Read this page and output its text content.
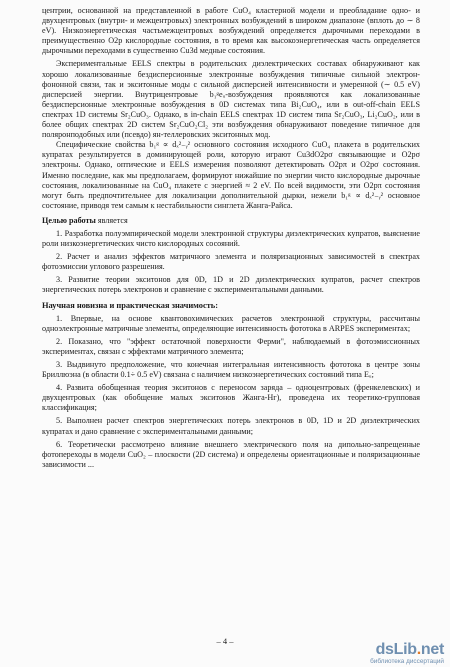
центрии, основанной на представленной в работе CuO₄ кластерной модели и преобладание одно- и двухцентровых (внутри- и межцентровых) электронных возбуждений в широком диапазоне (вплоть до ∼ 8 eV). Низкоэнергетическая частьмежцентровых возбуждений определяется дырочными переходами в преимущественно O2p кислородные состояния, в то время как высокоэнергетическая часть определяется дырочными переходами в существенно Cu3d медные состояния.

Экспериментальные EELS спектры в родительских диэлектрических составах обнаруживают как хорошо локализованные бездисперсионные электронные возбуждения типичные сильной электрон-фононной связи, так и экситонные моды с сильной дисперсией интенсивности и умеренной (∼ 0.5 eV) дисперсией энергии. Внутрицентровые b₁ᵍeᵤ-возбуждения проявляются как локализованные бездисперсионные электронные возбуждения в 0D системах типа Bi₂CuO₄, или в out-off-chain EELS спектрах 1D системы Sr₂CuO₃. Однако, в in-chain EELS спектрах 1D систем типа Sr₂CuO₃, Li₂CuO₂, или в более общих спектрах 2D систем Sr₂CuO₂Cl₂ эти возбуждения обнаруживают поведение типичное для поляронподобных или (псевдо) ян-теллеровских экситонных мод.

Специфические свойства b₁ᵍ ∝ dₓ²₋ᵧ² основного состояния исходного CuO₄ плакета в родительских купратах результируется в доминирующей роли, которую играют Cu3dO2pσ связывающие и O2pσ электроны. Однако, оптические и EELS измерения позволяют детектировать O2pπ и O2pσ состояния. Именно последние, как мы предполагаем, формируют нижайшие по энергии чисто кислородные дырочные состояния, локализованные на CuO₄ плакете с энергией ≈ 2 eV. По всей видимости, эти O2pπ состояния могут быть предпочтительнее для локализации дополнительной дырки, нежели b₁ᵍ ∝ dₓ²₋ᵧ² основное состояние, приводя тем самым к нестабильности синглета Жанга-Райса.

Целью работы является

1. Разработка полуэмпирической модели электронной структуры диэлектрических купратов, выяснение роли низкоэнергетических чисто кислородных сосояний.

2. Расчет и анализ эффектов матричного элемента и поляризационных зависимостей в спектрах фотоэмиссии углового разрешения.

3. Развитие теории экситонов для 0D, 1D и 2D диэлектрических купратов, расчет спектров энергетических потерь электронов и сравнение с экспериментальными данными.

Научная новизна и практическая значимость:

1. Впервые, на основе квантовохимических расчетов электронной структуры, рассчитаны одноэлектронные матричные элементы, определяющие интенсивность фототока в ARPES экспериментах;

2. Показано, что "эффект остаточной поверхности Ферми", наблюдаемый в фотоэмиссионных экспериментах, связан с эффектами матричного элемента;

3. Выдвинуто предположение, что конечная интегральная интенсивность фототока в центре зоны Бриллюэна (в области 0.1÷ 0.5 eV) связана с наличием низкоэнергетических состояний типа Eᵤ;

4. Развита обобщенная теория экситонов с переносом заряда – одноцентровых (френкелевских) и двухцентровых (как обобщение малых экситонов Жанга-Нг), проведена их теоретико-групповая классификация;

5. Выполнен расчет спектров энергетических потерь электронов в 0D, 1D и 2D диэлектрических купратах и дано сравнение с экспериментальными данными;

6. Теоретически рассмотрено влияние внешнего электрического поля на дипольно-запрещенные фотопереходы в модели CuO₂ – плоскости (2D система) и определены ориентационные и поляризационные зависимости ...

– 4 –	dsLib.net
библиотека диссертаций
